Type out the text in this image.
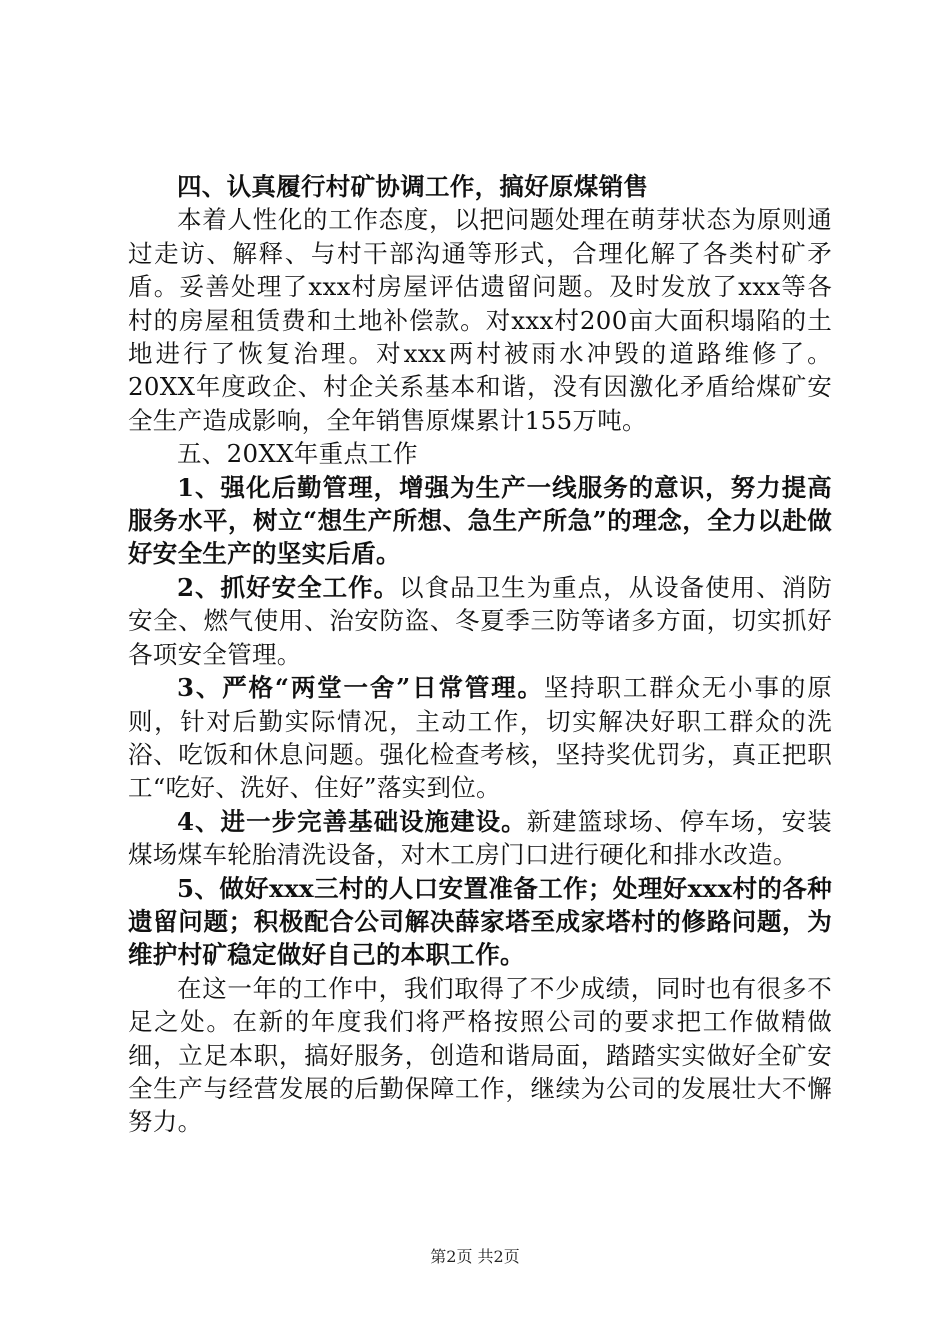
四、认真履行村矿协调工作，搞好原煤销售

本着人性化的工作态度，以把问题处理在萌芽状态为原则通过走访、解释、与村干部沟通等形式，合理化解了各类村矿矛盾。妥善处理了xxx村房屋评估遗留问题。及时发放了xxx等各村的房屋租赁费和土地补偿款。对xxx村200亩大面积塌陷的土地进行了恢复治理。对xxx两村被雨水冲毁的道路维修了。20XX年度政企、村企关系基本和谐，没有因激化矛盾给煤矿安全生产造成影响，全年销售原煤累计155万吨。

五、20XX年重点工作

1、强化后勤管理，增强为生产一线服务的意识，努力提高服务水平，树立“想生产所想、急生产所急”的理念，全力以赴做好安全生产的坚实后盾。

2、抓好安全工作。以食品卫生为重点，从设备使用、消防安全、燃气使用、治安防盗、冬夏季三防等诸多方面，切实抓好各项安全管理。

3、严格“两堂一舍”日常管理。坚持职工群众无小事的原则，针对后勤实际情况，主动工作，切实解决好职工群众的洗浴、吃饭和休息问题。强化检查考核，坚持奖优罚劣，真正把职工“吃好、洗好、住好”落实到位。

4、进一步完善基础设施建设。新建篮球场、停车场，安装煤场煤车轮胎清洗设备，对木工房门口进行硬化和排水改造。

5、做好xxx三村的人口安置准备工作；处理好xxx村的各种遗留问题；积极配合公司解决薛家塔至成家塔村的修路问题，为维护村矿稳定做好自己的本职工作。

在这一年的工作中，我们取得了不少成绩，同时也有很多不足之处。在新的年度我们将严格按照公司的要求把工作做精做细，立足本职，搞好服务，创造和谐局面，踏踏实实做好全矿安全生产与经营发展的后勤保障工作，继续为公司的发展壮大不懈努力。

第2页 共2页
